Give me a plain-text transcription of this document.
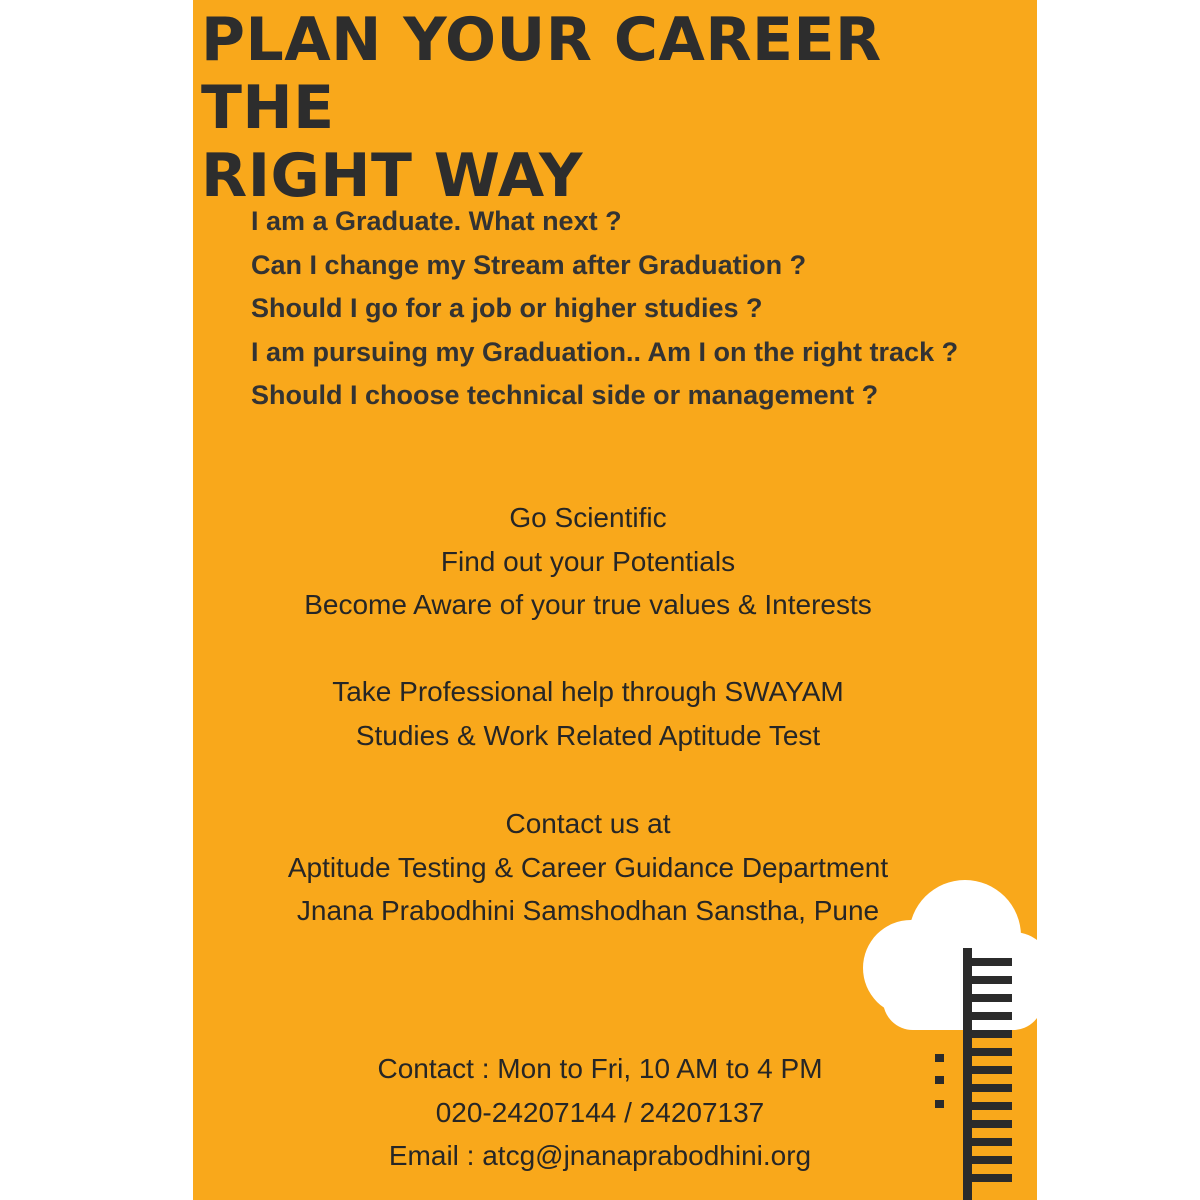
PLAN YOUR CAREER THE
RIGHT WAY
I am a Graduate. What next ?
Can I change my Stream after Graduation ?
Should I go for a job or higher studies ?
I am pursuing my Graduation.. Am I on the right track ?
Should I choose technical side or management ?
Go Scientific
Find out your Potentials
Become Aware of your true values & Interests
Take Professional help through SWAYAM
Studies & Work Related Aptitude Test
Contact us at
Aptitude Testing & Career Guidance Department
Jnana Prabodhini Samshodhan Sanstha, Pune
Contact : Mon to Fri, 10 AM to 4 PM
020-24207144 / 24207137
Email : atcg@jnanaprabodhini.org
